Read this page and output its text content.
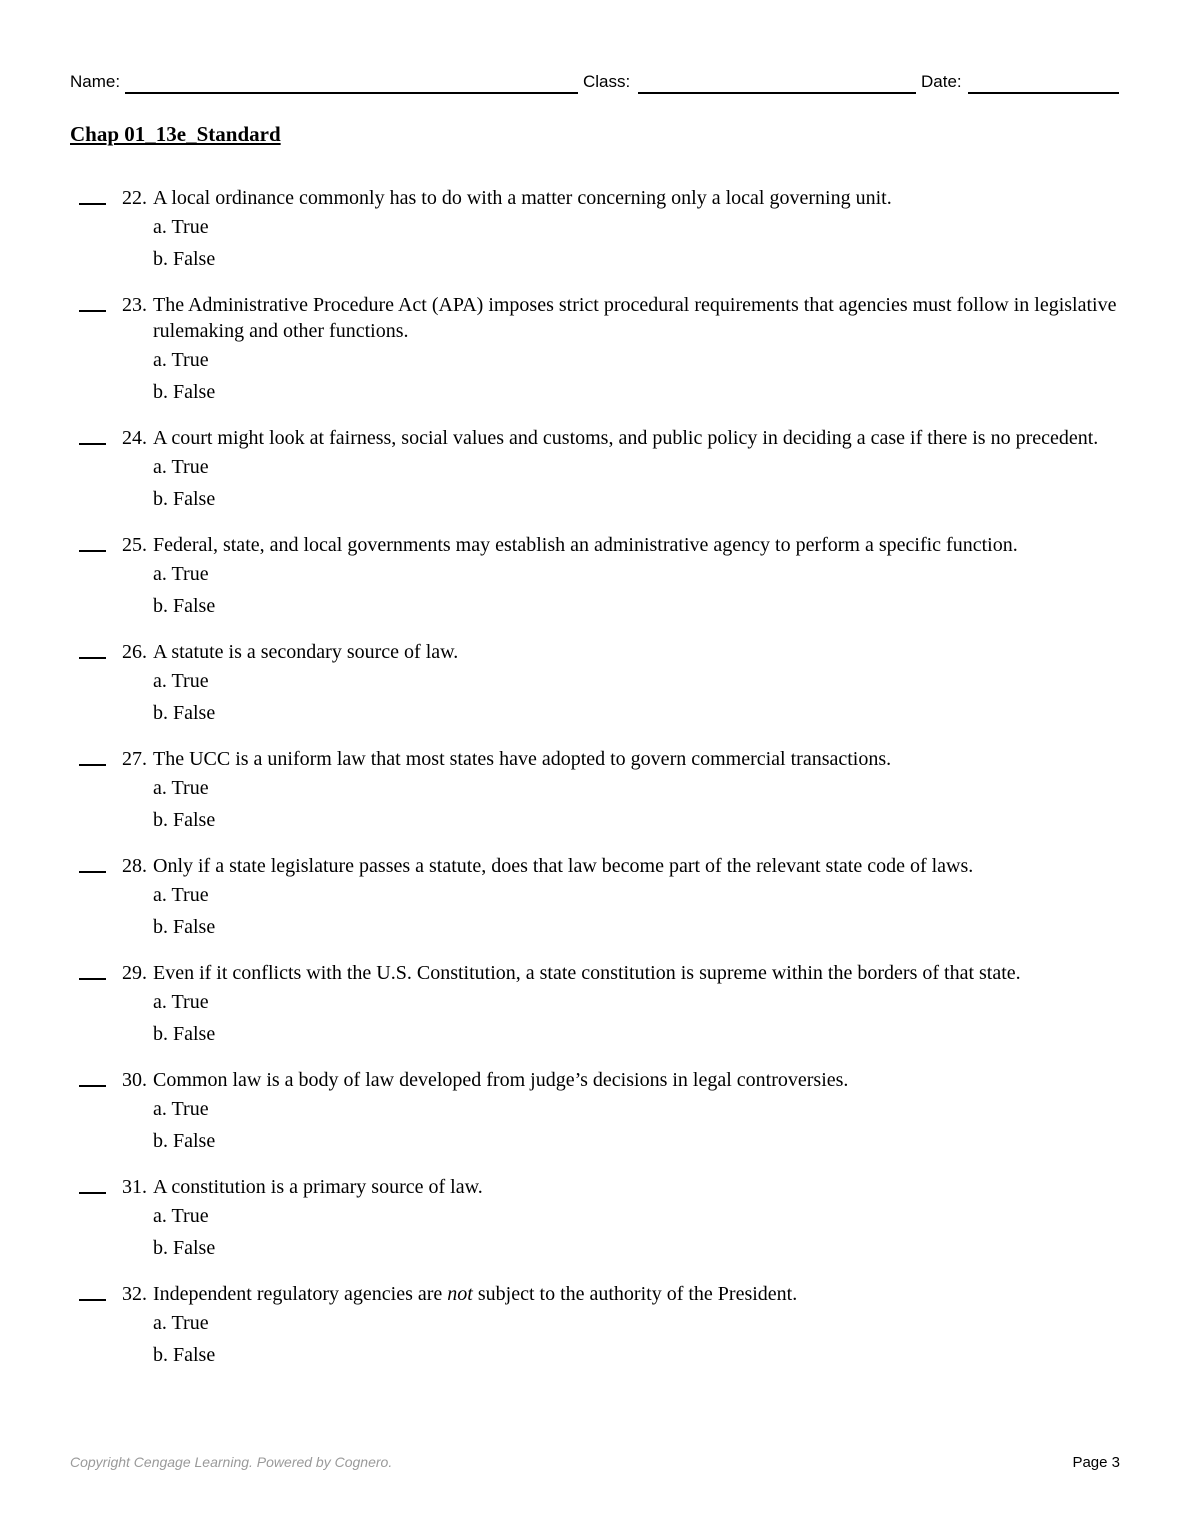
Name:	Class:	Date:
Chap 01_13e_Standard
22. A local ordinance commonly has to do with a matter concerning only a local governing unit.
a. True
b. False
23. The Administrative Procedure Act (APA) imposes strict procedural requirements that agencies must follow in legislative rulemaking and other functions.
a. True
b. False
24. A court might look at fairness, social values and customs, and public policy in deciding a case if there is no precedent.
a. True
b. False
25. Federal, state, and local governments may establish an administrative agency to perform a specific function.
a. True
b. False
26. A statute is a secondary source of law.
a. True
b. False
27. The UCC is a uniform law that most states have adopted to govern commercial transactions.
a. True
b. False
28. Only if a state legislature passes a statute, does that law become part of the relevant state code of laws.
a. True
b. False
29. Even if it conflicts with the U.S. Constitution, a state constitution is supreme within the borders of that state.
a. True
b. False
30. Common law is a body of law developed from judge’s decisions in legal controversies.
a. True
b. False
31. A constitution is a primary source of law.
a. True
b. False
32. Independent regulatory agencies are not subject to the authority of the President.
a. True
b. False
Copyright Cengage Learning. Powered by Cognero.	Page 3
